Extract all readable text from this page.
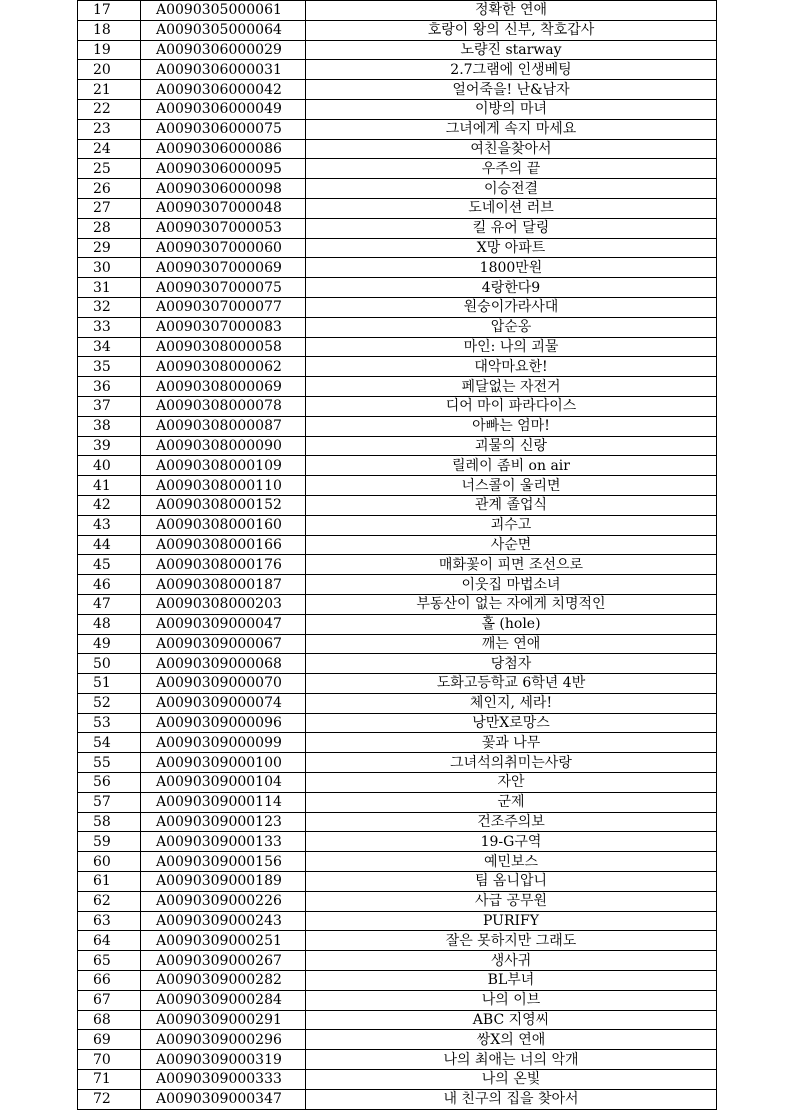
17	A0090305000061	정확한 연애
18	A0090305000064	호랑이 왕의 신부, 착호갑사
19	A0090306000029	노량진 starway
20	A0090306000031	2.7그램에 인생베팅
21	A0090306000042	얼어죽을! 난&남자
22	A0090306000049	이방의 마녀
23	A0090306000075	그녀에게 속지 마세요
24	A0090306000086	여친을찾아서
25	A0090306000095	우주의 끝
26	A0090306000098	이승전결
27	A0090307000048	도네이션 러브
28	A0090307000053	킬 유어 달링
29	A0090307000060	X망 아파트
30	A0090307000069	1800만원
31	A0090307000075	4랑한다9
32	A0090307000077	원숭이가라사대
33	A0090307000083	압순옹
34	A0090308000058	마인: 나의 괴물
35	A0090308000062	대악마요한!
36	A0090308000069	페달없는 자전거
37	A0090308000078	디어 마이 파라다이스
38	A0090308000087	아빠는 엄마!
39	A0090308000090	괴물의 신랑
40	A0090308000109	릴레이 좀비 on air
41	A0090308000110	너스콜이 울리면
42	A0090308000152	관계 졸업식
43	A0090308000160	괴수고
44	A0090308000166	사순면
45	A0090308000176	매화꽃이 피면 조선으로
46	A0090308000187	이웃집 마법소녀
47	A0090308000203	부동산이 없는 자에게 치명적인
48	A0090309000047	홀 (hole)
49	A0090309000067	깨는 연애
50	A0090309000068	당첨자
51	A0090309000070	도화고등학교 6학년 4반
52	A0090309000074	체인지, 세라!
53	A0090309000096	낭만X로망스
54	A0090309000099	꽃과 나무
55	A0090309000100	그녀석의취미는사랑
56	A0090309000104	자안
57	A0090309000114	군제
58	A0090309000123	건조주의보
59	A0090309000133	19-G구역
60	A0090309000156	예민보스
61	A0090309000189	팀 옴니압니
62	A0090309000226	사급 공무원
63	A0090309000243	PURIFY
64	A0090309000251	잘은 못하지만 그래도
65	A0090309000267	생사귀
66	A0090309000282	BL부녀
67	A0090309000284	나의 이브
68	A0090309000291	ABC 지영씨
69	A0090309000296	쌍X의 연애
70	A0090309000319	나의 최애는 너의 악개
71	A0090309000333	나의 온빛
72	A0090309000347	내 친구의 집을 찾아서
